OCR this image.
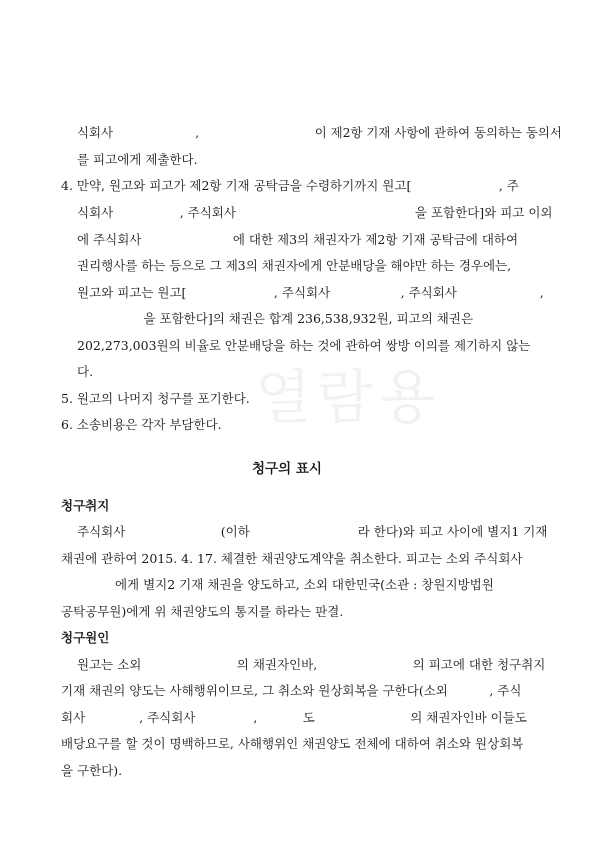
열람용
식회사 　　　　　　 ,　　　　　　　　　 이 제2항 기재 사항에 관하여 동의하는 동의서
를 피고에게 제출한다.
4. 만약, 원고와 피고가 제2항 기재 공탁금을 수령하기까지 원고[　　　　　　　, 주
식회사 　　　　　, 주식회사 　　　　　　　　　　　　　　을 포함한다]와 피고 이외
에 주식회사 　　　　　　　에 대한 제3의 채권자가 제2항 기재 공탁금에 대하여
권리행사를 하는 등으로 그 제3의 채권자에게 안분배당을 해야만 하는 경우에는,
원고와 피고는 원고[　　　　　　　, 주식회사 　　　　　 , 주식회사 　　　　　　 ,
　　　　　 을 포함한다]의 채권은 합계 236,538,932원, 피고의 채권은
202,273,003원의 비율로 안분배당을 하는 것에 관하여 쌍방 이의를 제기하지 않는
다.
5. 원고의 나머지 청구를 포기한다.
6. 소송비용은 각자 부담한다.
청구의 표시
청구취지
주식회사 　　　　　　　 (이하 　　　　　　　　 라 한다)와 피고 사이에 별지1 기재
채권에 관하여 2015. 4. 17. 체결한 채권양도계약을 취소한다. 피고는 소외 주식회사
　　　　 에게 별지2 기재 채권을 양도하고, 소외 대한민국(소관 : 창원지방법원
공탁공무원)에게 위 채권양도의 통지를 하라는 판결.
청구원인
원고는 소외 　　　　　　　 의 채권자인바, 　　　　　　　 의 피고에 대한 청구취지
기재 채권의 양도는 사해행위이므로, 그 취소와 원상회복을 구한다(소외 　　　, 주식
회사 　　　　, 주식회사 　　　　 , 　　　 도 　　　　　　　 의 채권자인바 이들도
배당요구를 할 것이 명백하므로, 사해행위인 채권양도 전체에 대하여 취소와 원상회복
을 구한다).
